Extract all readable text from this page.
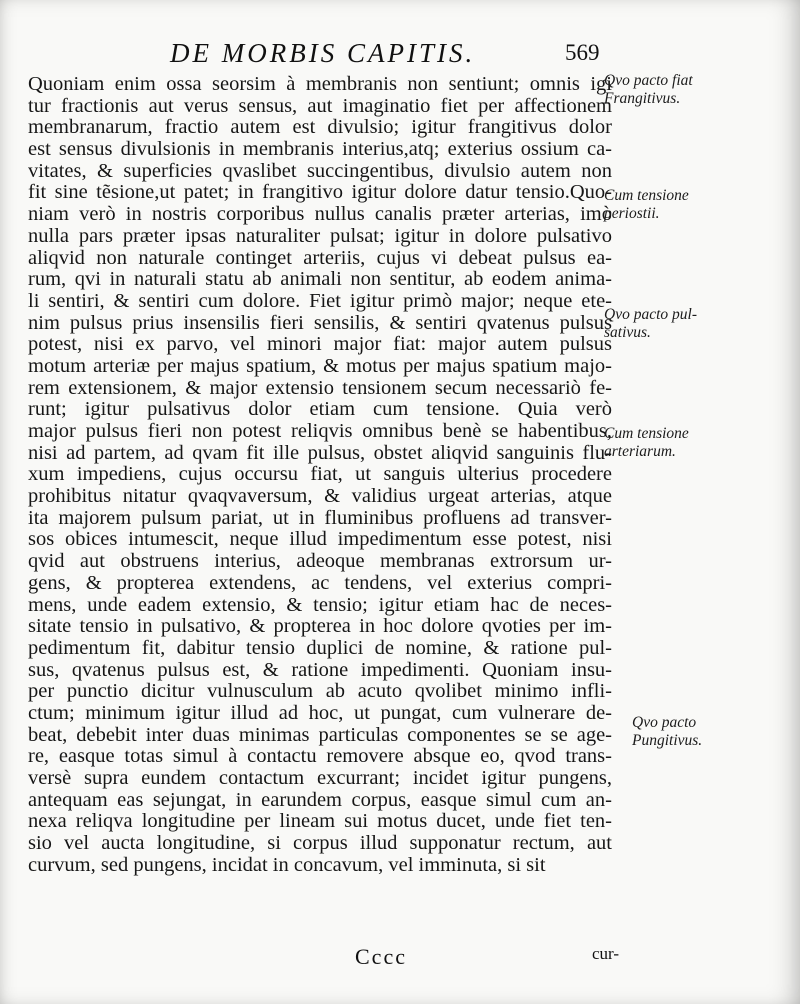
DE MORBIS CAPITIS.	569
Quoniam enim ossa seorsim à membranis non sentiunt; omnis igi
tur fractionis aut verus sensus, aut imaginatio fiet per affectionem
membranarum, fractio autem est divulsio; igitur frangitivus dolor
est sensus divulsionis in membranis interius,atq; exterius ossium ca-
vitates, & superficies qvaslibet succingentibus, divulsio autem non
fit sine tẽsione,ut patet; in frangitivo igitur dolore datur tensio.Quo-
niam verò in nostris corporibus nullus canalis præter arterias, imò
nulla pars præter ipsas naturaliter pulsat; igitur in dolore pulsativo
aliqvid non naturale continget arteriis, cujus vi debeat pulsus ea-
rum, qvi in naturali statu ab animali non sentitur, ab eodem anima-
li sentiri, & sentiri cum dolore. Fiet igitur primò major; neque ete-
nim pulsus prius insensilis fieri sensilis, & sentiri qvatenus pulsus
potest, nisi ex parvo, vel minori major fiat: major autem pulsus
motum arteriæ per majus spatium, & motus per majus spatium majo-
rem extensionem, & major extensio tensionem secum necessariò fe-
runt; igitur pulsativus dolor etiam cum tensione. Quia verò
major pulsus fieri non potest reliqvis omnibus benè se habentibus,
nisi ad partem, ad qvam fit ille pulsus, obstet aliqvid sanguinis flu-
xum impediens, cujus occursu fiat, ut sanguis ulterius procedere
prohibitus nitatur qvaqvaversum, & validius urgeat arterias, atque
ita majorem pulsum pariat, ut in fluminibus profluens ad transver-
sos obices intumescit, neque illud impedimentum esse potest, nisi
qvid aut obstruens interius, adeoque membranas extrorsum ur-
gens, & propterea extendens, ac tendens, vel exterius compri-
mens, unde eadem extensio, & tensio; igitur etiam hac de neces-
sitate tensio in pulsativo, & propterea in hoc dolore qvoties per im-
pedimentum fit, dabitur tensio duplici de nomine, & ratione pul-
sus, qvatenus pulsus est, & ratione impedimenti. Quoniam insu-
per punctio dicitur vulnusculum ab acuto qvolibet minimo infli-
ctum; minimum igitur illud ad hoc, ut pungat, cum vulnerare de-
beat, debebit inter duas minimas particulas componentes se se age-
re, easque totas simul à contactu removere absque eo, qvod trans-
versè supra eundem contactum excurrant; incidet igitur pungens,
antequam eas sejungat, in earundem corpus, easque simul cum an-
nexa reliqva longitudine per lineam sui motus ducet, unde fiet ten-
sio vel aucta longitudine, si corpus illud supponatur rectum, aut
curvum, sed pungens, incidat in concavum, vel imminuta, si sit
Qvo pacto fiat
Frangitivus.
Cum tensione
periostii.
Qvo pacto pul-
sativus.
Cum tensione
arteriarum.
Qvo pacto
Pungitivus.
Cccc	cur-
